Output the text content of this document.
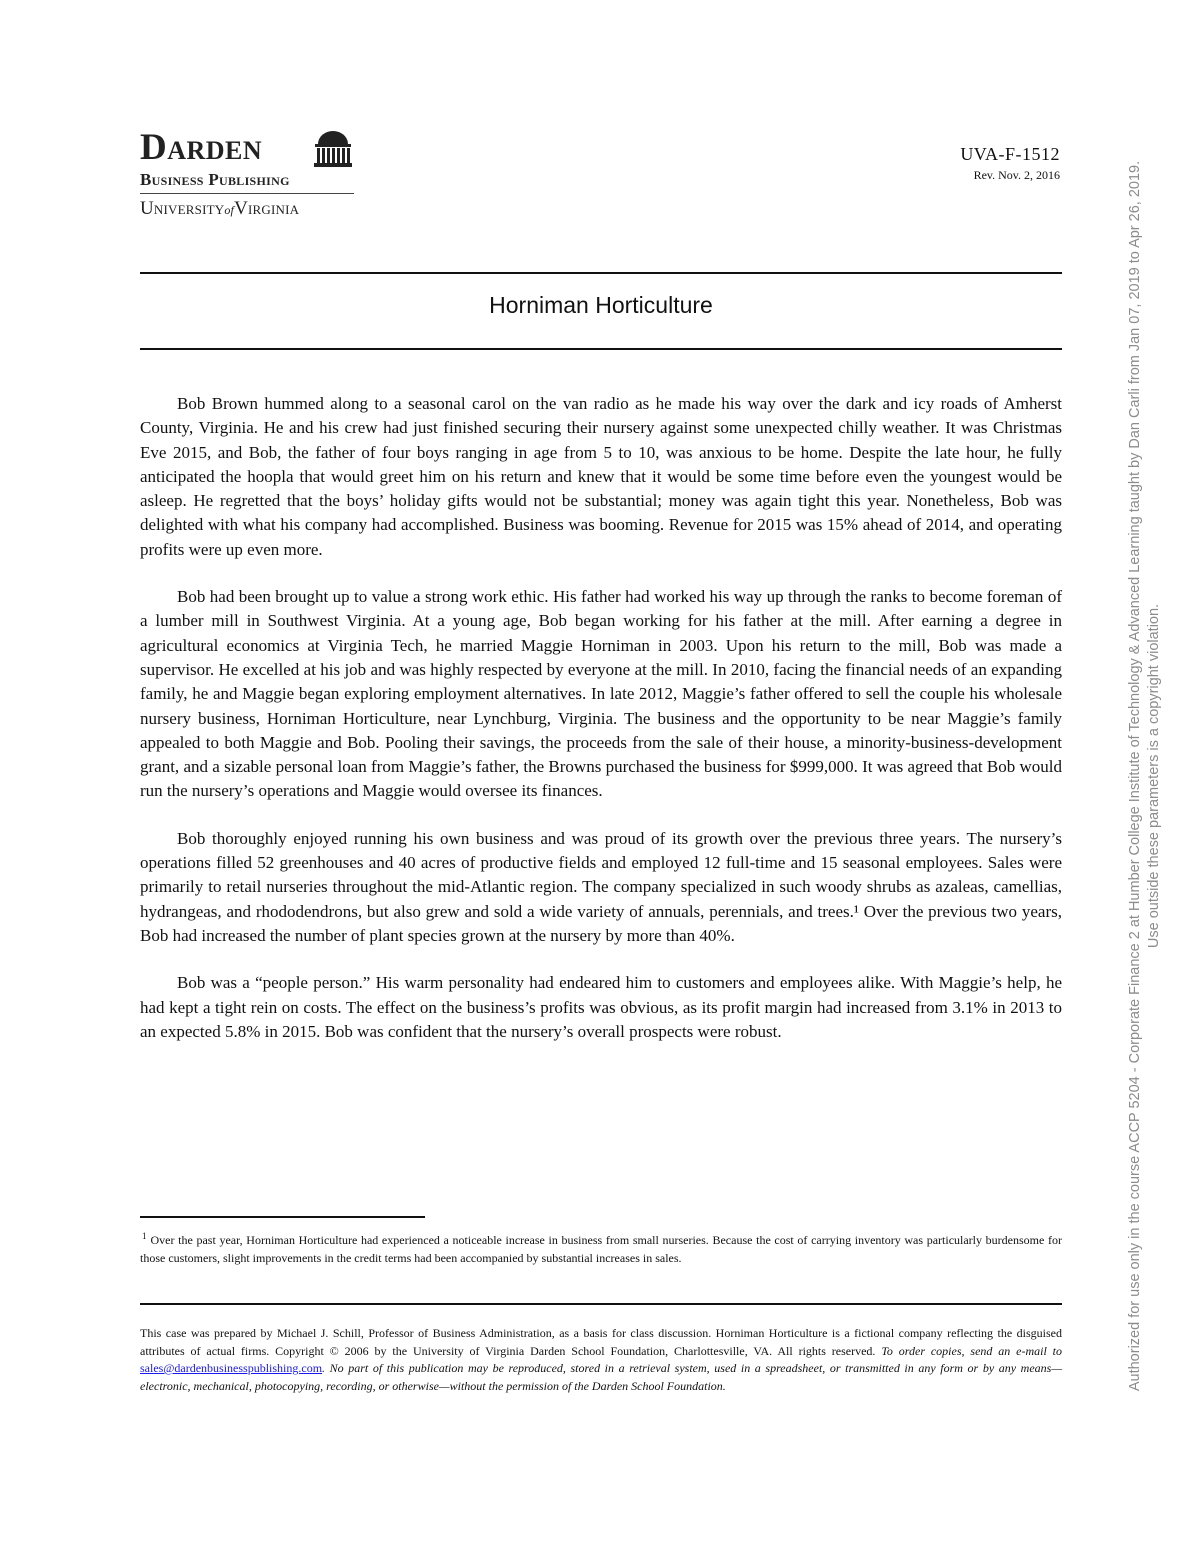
Darden
Business Publishing
UniversityofVirginia
UVA-F-1512
Rev. Nov. 2, 2016
Horniman Horticulture

Bob Brown hummed along to a seasonal carol on the van radio as he made his way over the dark and icy roads of Amherst County, Virginia. He and his crew had just finished securing their nursery against some unexpected chilly weather. It was Christmas Eve 2015, and Bob, the father of four boys ranging in age from 5 to 10, was anxious to be home. Despite the late hour, he fully anticipated the hoopla that would greet him on his return and knew that it would be some time before even the youngest would be asleep. He regretted that the boys’ holiday gifts would not be substantial; money was again tight this year. Nonetheless, Bob was delighted with what his company had accomplished. Business was booming. Revenue for 2015 was 15% ahead of 2014, and operating profits were up even more.

Bob had been brought up to value a strong work ethic. His father had worked his way up through the ranks to become foreman of a lumber mill in Southwest Virginia. At a young age, Bob began working for his father at the mill. After earning a degree in agricultural economics at Virginia Tech, he married Maggie Horniman in 2003. Upon his return to the mill, Bob was made a supervisor. He excelled at his job and was highly respected by everyone at the mill. In 2010, facing the financial needs of an expanding family, he and Maggie began exploring employment alternatives. In late 2012, Maggie’s father offered to sell the couple his wholesale nursery business, Horniman Horticulture, near Lynchburg, Virginia. The business and the opportunity to be near Maggie’s family appealed to both Maggie and Bob. Pooling their savings, the proceeds from the sale of their house, a minority-business-development grant, and a sizable personal loan from Maggie’s father, the Browns purchased the business for $999,000. It was agreed that Bob would run the nursery’s operations and Maggie would oversee its finances.

Bob thoroughly enjoyed running his own business and was proud of its growth over the previous three years. The nursery’s operations filled 52 greenhouses and 40 acres of productive fields and employed 12 full-time and 15 seasonal employees. Sales were primarily to retail nurseries throughout the mid-Atlantic region. The company specialized in such woody shrubs as azaleas, camellias, hydrangeas, and rhododendrons, but also grew and sold a wide variety of annuals, perennials, and trees.¹ Over the previous two years, Bob had increased the number of plant species grown at the nursery by more than 40%.

Bob was a “people person.” His warm personality had endeared him to customers and employees alike. With Maggie’s help, he had kept a tight rein on costs. The effect on the business’s profits was obvious, as its profit margin had increased from 3.1% in 2013 to an expected 5.8% in 2015. Bob was confident that the nursery’s overall prospects were robust.

$^1$ Over the past year, Horniman Horticulture had experienced a noticeable increase in business from small nurseries. Because the cost of carrying inventory was particularly burdensome for those customers, slight improvements in the credit terms had been accompanied by substantial increases in sales.
This case was prepared by Michael J. Schill, Professor of Business Administration, as a basis for class discussion. Horniman Horticulture is a fictional company reflecting the disguised attributes of actual firms. Copyright © 2006 by the University of Virginia Darden School Foundation, Charlottesville, VA. All rights reserved. To order copies, send an e-mail to sales@dardenbusinesspublishing.com. No part of this publication may be reproduced, stored in a retrieval system, used in a spreadsheet, or transmitted in any form or by any means—electronic, mechanical, photocopying, recording, or otherwise—without the permission of the Darden School Foundation.	Authorized for use only in the course ACCP 5204 - Corporate Finance 2 at Humber College Institute of Technology & Advanced Learning taught by Dan Carli from Jan 07, 2019 to Apr 26, 2019. Use outside these parameters is a copyright violation.
